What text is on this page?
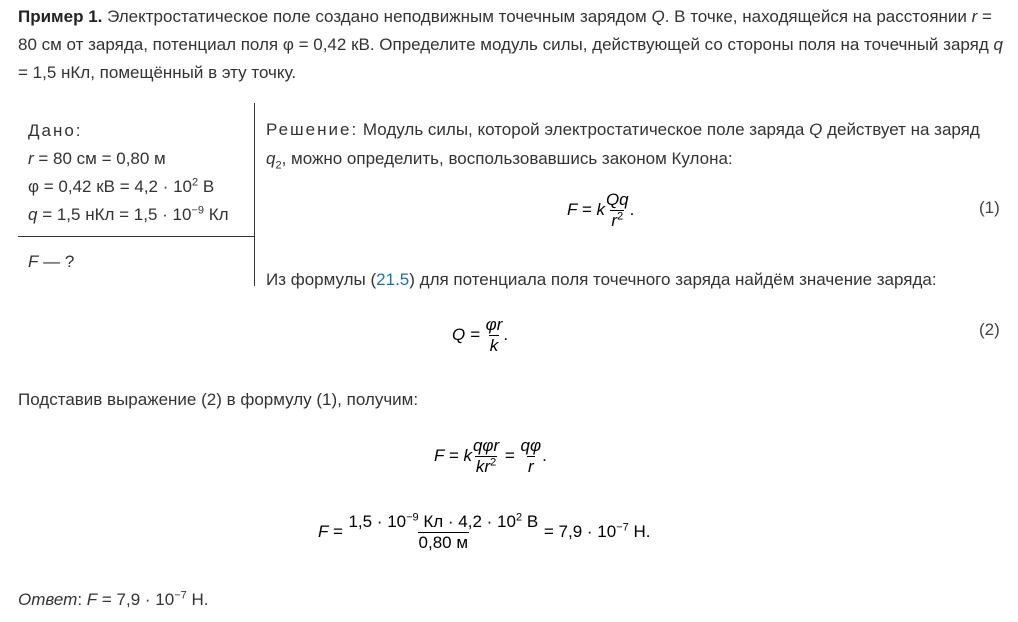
Пример 1. Электростатическое поле создано неподвижным точечным зарядом Q. В точке, находящейся на расстоянии r = 80 см от заряда, потенциал поля φ = 0,42 кВ. Определите модуль силы, действующей со стороны поля на точечный заряд q = 1,5 нКл, помещённый в эту точку.
Дано:
r = 80 см = 0,80 м
φ = 0,42 кВ = $4,2 \cdot 10^2$ В
q = 1,5 нКл = $1,5 \cdot 10^{-9}$ Кл
F — ?
Решение: Модуль силы, которой электростатическое поле заряда Q действует на заряд $q_2$, можно определить, воспользовавшись законом Кулона:
F = k $\frac{Qq}{r^2}$ .	(1)
Из формулы (21.5) для потенциала поля точечного заряда найдём значение заряда:
$Q = \frac{\varphi r}{k}$ .	(2)
Подставив выражение (2) в формулу (1), получим:
F = k $\frac{\text{qφr}}{kr^2} = \frac{q\varphi}{r}$ .
$F = \frac{1,5 \cdot 10^{-9} Кл \cdot 4,2 \cdot 10^2 В}{0,80 м} = 7,9 \cdot 10^{-7}$ Н.
Ответ: $F = 7,9 \cdot 10^{-7}$ Н.
